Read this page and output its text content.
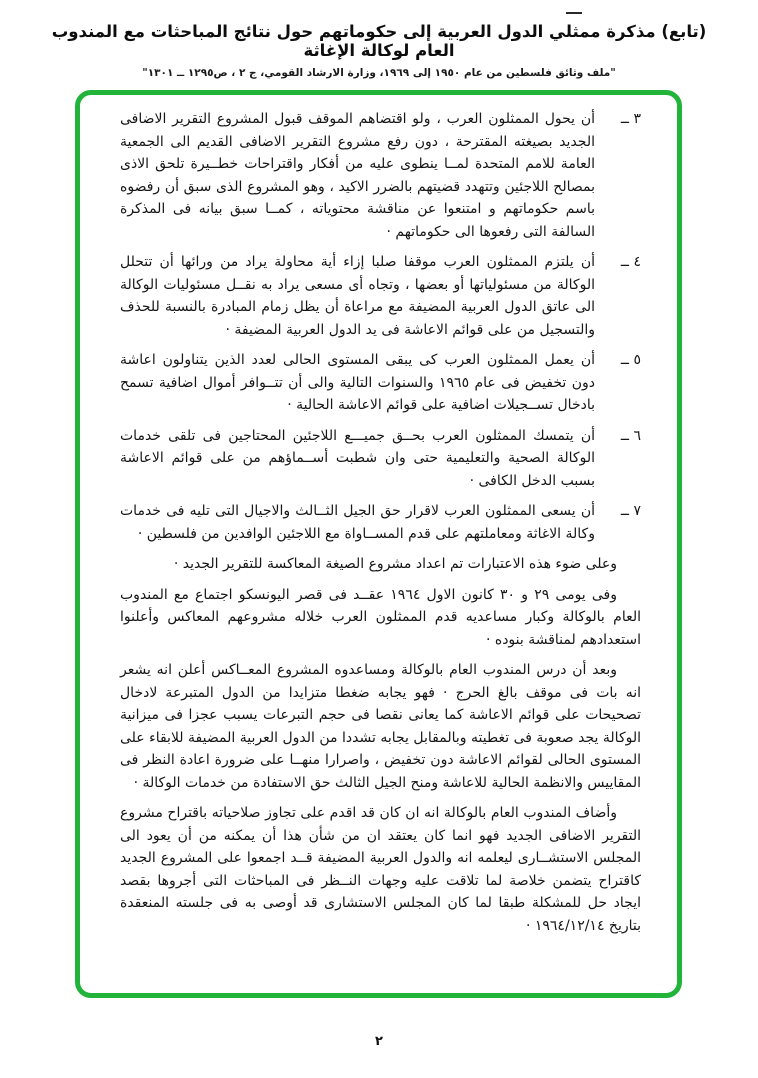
(تابع) مذكرة ممثلي الدول العربية إلى حكوماتهم حول نتائج المباحثات مع المندوب العام لوكالة الإغاثة
"ملف وثائق فلسطين من عام ١٩٥٠ إلى ١٩٦٩، وزارة الارشاد القومي، ج ٢ ، ص١٢٩٥ ــ ١٣٠١"
٣ ــ
أن يحول الممثلون العرب ، ولو اقتضاهم الموقف قبول المشروع التقرير الاضافى الجديد بصيغته المقترحة ، دون رفع مشروع التقرير الاضافى القديم الى الجمعية العامة للامم المتحدة لمــا ينطوى عليه من أفكار واقتراحات خطــيرة تلحق الاذى بمصالح اللاجئين وتتهدد قضيتهم بالضرر الاكيد ، وهو المشروع الذى سبق أن رفضوه باسم حكوماتهم و امتنعوا عن مناقشة محتوياته ، كمــا سبق بيانه فى المذكرة السالفة التى رفعوها الى حكوماتهم ·
٤ ــ
أن يلتزم الممثلون العرب موقفا صلبا إزاء أية محاولة يراد من ورائها أن تتحلل الوكالة من مسئولياتها أو بعضها ، وتجاه أى مسعى يراد به نقــل مسئوليات الوكالة الى عاتق الدول العربية المضيفة مع مراعاة أن يظل زمام المبادرة بالنسبة للحذف والتسجيل من على قوائم الاعاشة فى يد الدول العربية المضيفة ·
٥ ــ
أن يعمل الممثلون العرب كى يبقى المستوى الحالى لعدد الذين يتناولون اعاشة دون تخفيض فى عام ١٩٦٥ والسنوات التالية والى أن تتــوافر أموال اضافية تسمح بادخال تســجيلات اضافية على قوائم الاعاشة الحالية ·
٦ ــ
أن يتمسك الممثلون العرب بحــق جميـــع اللاجئين المحتاجين فى تلقى خدمات الوكالة الصحية والتعليمية حتى وان شطبت أســماؤهم من على قوائم الاعاشة بسبب الدخل الكافى ·
٧ ــ
أن يسعى الممثلون العرب لاقرار حق الجيل الثــالث والاجيال التى تليه فى خدمات وكالة الاغاثة ومعاملتهم على قدم المســاواة مع اللاجئين الوافدين من فلسطين ·

وعلى ضوء هذه الاعتبارات تم اعداد مشروع الصيغة المعاكسة للتقرير الجديد ·

وفى يومى ٢٩ و ٣٠ كانون الاول ١٩٦٤ عقــد فى قصر اليونسكو اجتماع مع المندوب العام بالوكالة وكبار مساعديه قدم الممثلون العرب خلاله مشروعهم المعاكس وأعلنوا استعدادهم لمناقشة بنوده ·

وبعد أن درس المندوب العام بالوكالة ومساعدوه المشروع المعــاكس أعلن انه يشعر انه بات فى موقف بالغ الحرج · فهو يجابه ضغطا متزايدا من الدول المتبرعة لادخال تصحيحات على قوائم الاعاشة كما يعانى نقصا فى حجم التبرعات يسبب عجزا فى ميزانية الوكالة يجد صعوبة فى تغطيته وبالمقابل يجابه تشددا من الدول العربية المضيفة للابقاء على المستوى الحالى لقوائم الاعاشة دون تخفيض ، واصرارا منهــا على ضرورة اعادة النظر فى المقاييس والانظمة الحالية للاعاشة ومنح الجيل الثالث حق الاستفادة من خدمات الوكالة ·

وأضاف المندوب العام بالوكالة انه ان كان قد اقدم على تجاوز صلاحياته باقتراح مشروع التقرير الاضافى الجديد فهو انما كان يعتقد ان من شأن هذا أن يمكنه من أن يعود الى المجلس الاستشــارى ليعلمه انه والدول العربية المضيفة قــد اجمعوا على المشروع الجديد كاقتراح يتضمن خلاصة لما تلاقت عليه وجهات النــظر فى المباحثات التى أجروها بقصد ايجاد حل للمشكلة طبقا لما كان المجلس الاستشارى قد أوصى به فى جلسته المنعقدة بتاريخ ١٩٦٤/١٢/١٤ ·

٢
